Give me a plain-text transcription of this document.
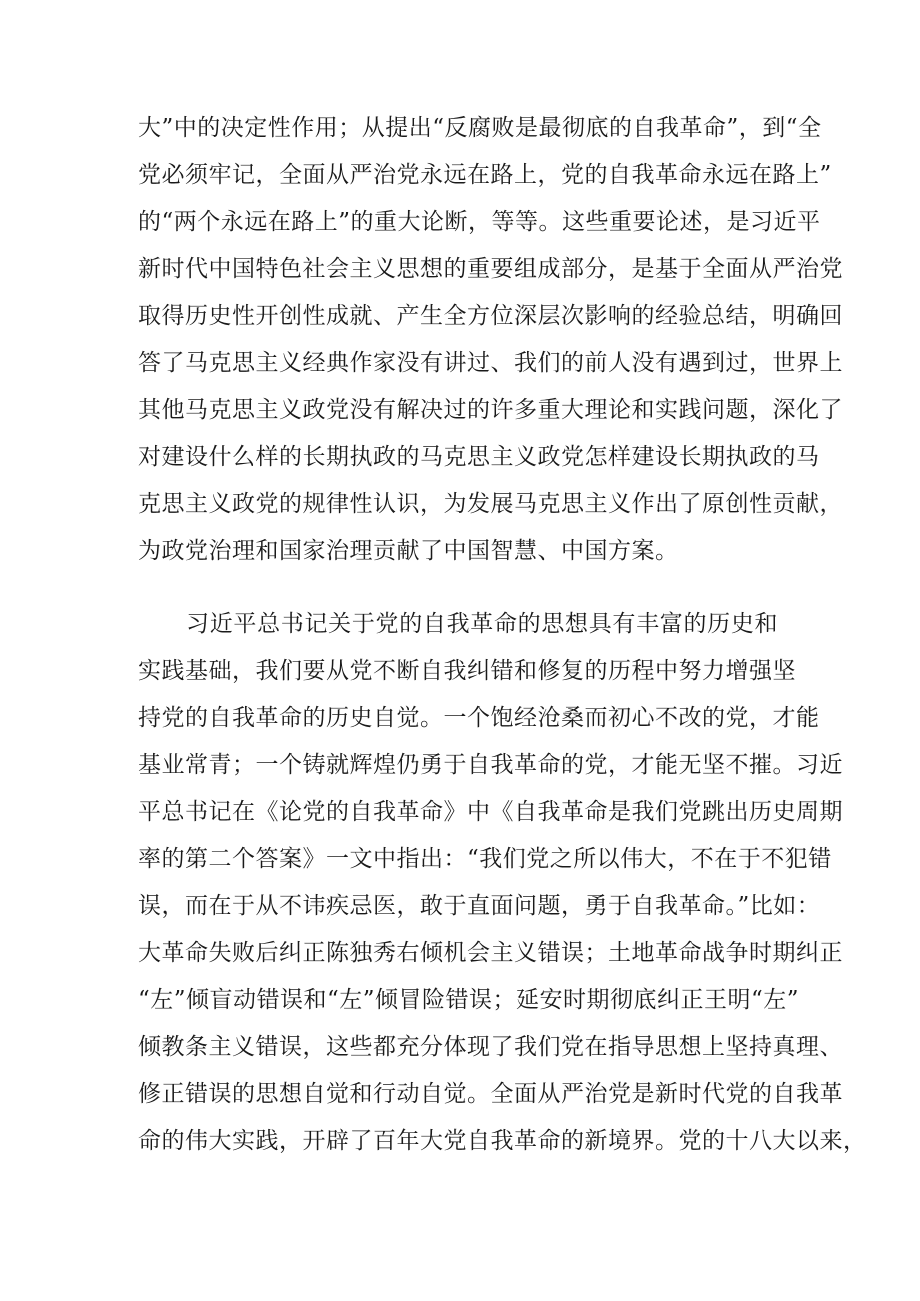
大”中的决定性作用；从提出“反腐败是最彻底的自我革命”，到“全
党必须牢记，全面从严治党永远在路上，党的自我革命永远在路上”
的“两个永远在路上”的重大论断，等等。这些重要论述，是习近平
新时代中国特色社会主义思想的重要组成部分，是基于全面从严治党
取得历史性开创性成就、产生全方位深层次影响的经验总结，明确回
答了马克思主义经典作家没有讲过、我们的前人没有遇到过，世界上
其他马克思主义政党没有解决过的许多重大理论和实践问题，深化了
对建设什么样的长期执政的马克思主义政党怎样建设长期执政的马
克思主义政党的规律性认识，为发展马克思主义作出了原创性贡献，
为政党治理和国家治理贡献了中国智慧、中国方案。
习近平总书记关于党的自我革命的思想具有丰富的历史和
实践基础，我们要从党不断自我纠错和修复的历程中努力增强坚
持党的自我革命的历史自觉。一个饱经沧桑而初心不改的党，才能
基业常青；一个铸就辉煌仍勇于自我革命的党，才能无坚不摧。习近
平总书记在《论党的自我革命》中《自我革命是我们党跳出历史周期
率的第二个答案》一文中指出：“我们党之所以伟大，不在于不犯错
误，而在于从不讳疾忌医，敢于直面问题，勇于自我革命。”比如：
大革命失败后纠正陈独秀右倾机会主义错误；土地革命战争时期纠正
“左”倾盲动错误和“左”倾冒险错误；延安时期彻底纠正王明“左”
倾教条主义错误，这些都充分体现了我们党在指导思想上坚持真理、
修正错误的思想自觉和行动自觉。全面从严治党是新时代党的自我革
命的伟大实践，开辟了百年大党自我革命的新境界。党的十八大以来，
